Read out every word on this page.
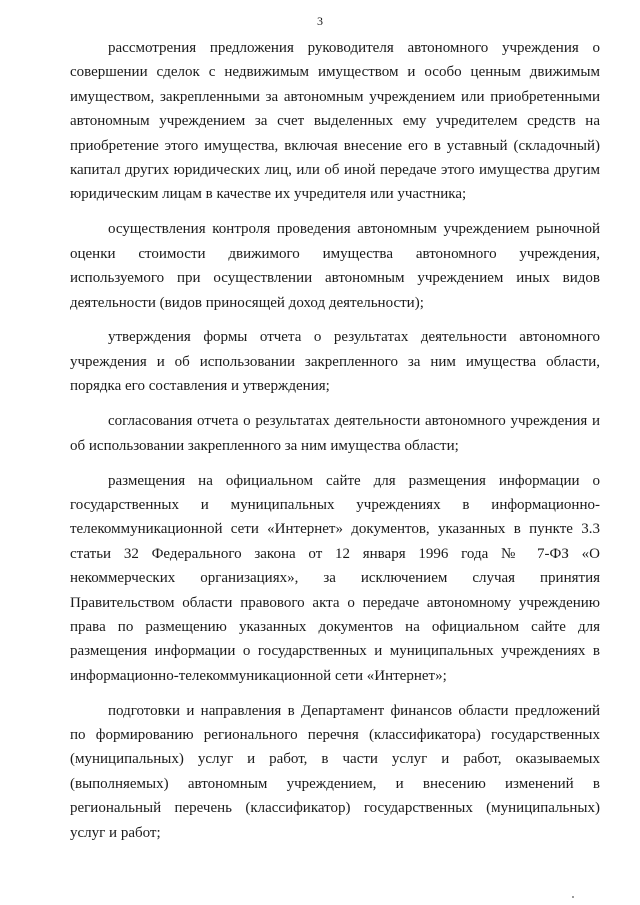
3

рассмотрения предложения руководителя автономного учреждения о совершении сделок с недвижимым имуществом и особо ценным движимым имуществом, закрепленными за автономным учреждением или приобретенными автономным учреждением за счет выделенных ему учредителем средств на приобретение этого имущества, включая внесение его в уставный (складочный) капитал других юридических лиц, или об иной передаче этого имущества другим юридическим лицам в качестве их учредителя или участника;

осуществления контроля проведения автономным учреждением рыночной оценки стоимости движимого имущества автономного учреждения, используемого при осуществлении автономным учреждением иных видов деятельности (видов приносящей доход деятельности);

утверждения формы отчета о результатах деятельности автономного учреждения и об использовании закрепленного за ним имущества области, порядка его составления и утверждения;

согласования отчета о результатах деятельности автономного учреждения и об использовании закрепленного за ним имущества области;

размещения на официальном сайте для размещения информации о государственных и муниципальных учреждениях в информационно-телекоммуникационной сети «Интернет» документов, указанных в пункте 3.3 статьи 32 Федерального закона от 12 января 1996 года № 7-ФЗ «О некоммерческих организациях», за исключением случая принятия Правительством области правового акта о передаче автономному учреждению права по размещению указанных документов на официальном сайте для размещения информации о государственных и муниципальных учреждениях в информационно-телекоммуникационной сети «Интернет»;

подготовки и направления в Департамент финансов области предложений по формированию регионального перечня (классификатора) государственных (муниципальных) услуг и работ, в части услуг и работ, оказываемых (выполняемых) автономным учреждением, и внесению изменений в региональный перечень (классификатор) государственных (муниципальных) услуг и работ;
